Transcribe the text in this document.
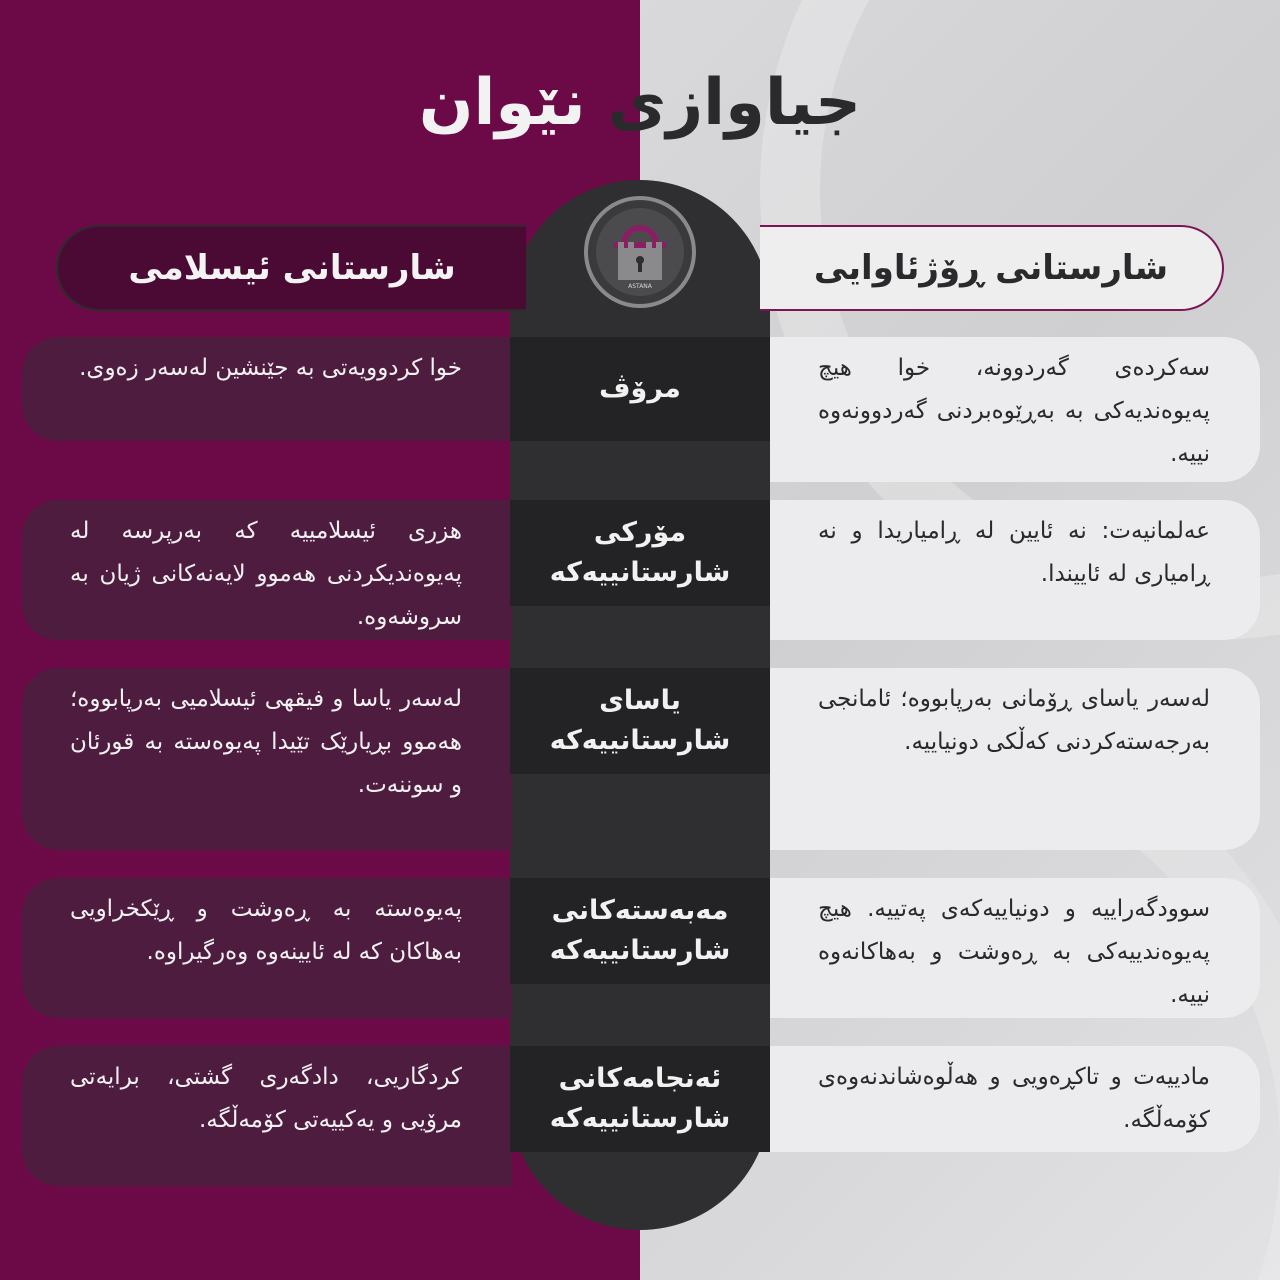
جیاوازی
نێوان
ASTANA
شارستانی ئیسلامی	شارستانی ڕۆژئاوایی
خوا کردوویەتی بە جێنشین لەسەر زەوی.
مرۆڤ
سەکردەی گەردوونە، خوا هیچ پەیوەندیەکی بە بەڕێوەبردنی گەردوونەوە نییە.
هزری ئیسلامییە کە بەرپرسە لە پەیوەندیکردنی هەموو لایەنەکانی ژیان بە سروشەوە.
مۆرکی شارستانییەکە
عەلمانیەت: نە ئایین لە ڕامیاریدا و نە ڕامیاری لە ئاییندا.
لەسەر یاسا و فیقهی ئیسلامیی بەرپابووە؛ هەموو بڕیارێک تێیدا پەیوەستە بە قورئان و سوننەت.
یاسای شارستانییەکە
لەسەر یاسای ڕۆمانی بەرپابووە؛ ئامانجی بەرجەستەکردنی کەڵکی دونیاییە.
پەیوەستە بە ڕەوشت و ڕێکخراویی بەهاکان کە لە ئایینەوە وەرگیراوە.
مەبەستەکانی شارستانییەکە
سوودگەراییە و دونیاییەکەی پەتییە. هیچ پەیوەندییەکی بە ڕەوشت و بەهاکانەوە نییە.
کردگاریی، دادگەری گشتی، برایەتی مرۆیی و یەکییەتی کۆمەڵگە.
ئەنجامەکانی شارستانییەکە
مادییەت و تاکڕەویی و هەڵوەشاندنەوەی کۆمەڵگە.
